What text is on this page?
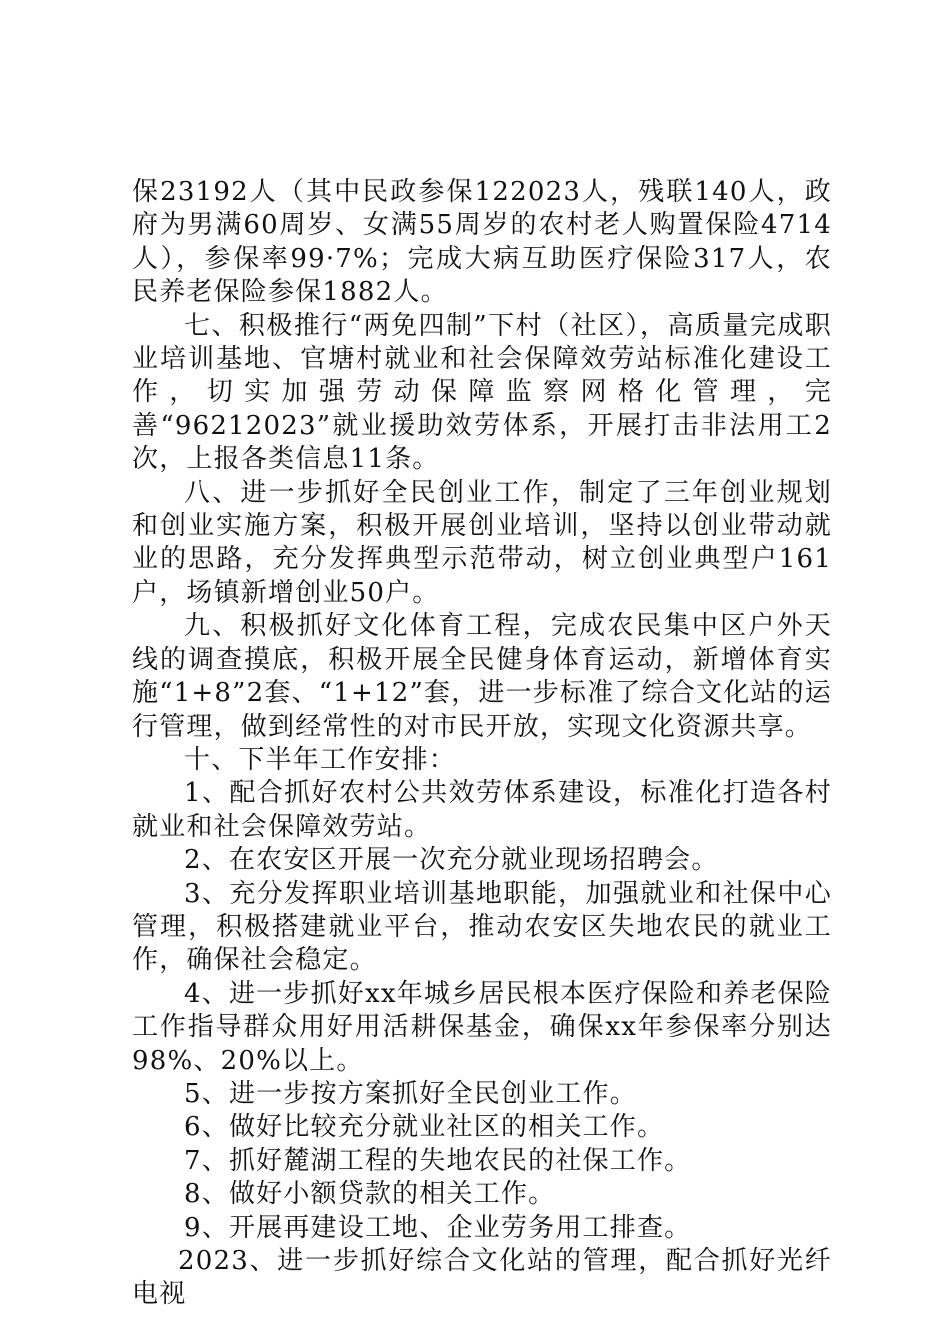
保23192人（其中民政参保122023人，残联140人，政府为男满60周岁、女满55周岁的农村老人购置保险4714人），参保率99·7%；完成大病互助医疗保险317人，农民养老保险参保1882人。

七、积极推行“两免四制”下村（社区），高质量完成职业培训基地、官塘村就业和社会保障效劳站标准化建设工作，切实加强劳动保障监察网格化管理，完善“96212023”就业援助效劳体系，开展打击非法用工2次，上报各类信息11条。

八、进一步抓好全民创业工作，制定了三年创业规划和创业实施方案，积极开展创业培训，坚持以创业带动就业的思路，充分发挥典型示范带动，树立创业典型户161户，场镇新增创业50户。

九、积极抓好文化体育工程，完成农民集中区户外天线的调查摸底，积极开展全民健身体育运动，新增体育实施“1+8”2套、“1+12”套，进一步标准了综合文化站的运行管理，做到经常性的对市民开放，实现文化资源共享。

十、下半年工作安排：

1、配合抓好农村公共效劳体系建设，标准化打造各村就业和社会保障效劳站。

2、在农安区开展一次充分就业现场招聘会。

3、充分发挥职业培训基地职能，加强就业和社保中心管理，积极搭建就业平台，推动农安区失地农民的就业工作，确保社会稳定。

4、进一步抓好xx年城乡居民根本医疗保险和养老保险工作指导群众用好用活耕保基金，确保xx年参保率分别达98%、20%以上。

5、进一步按方案抓好全民创业工作。

6、做好比较充分就业社区的相关工作。

7、抓好麓湖工程的失地农民的社保工作。

8、做好小额贷款的相关工作。

9、开展再建设工地、企业劳务用工排查。

2023、进一步抓好综合文化站的管理，配合抓好光纤电视
